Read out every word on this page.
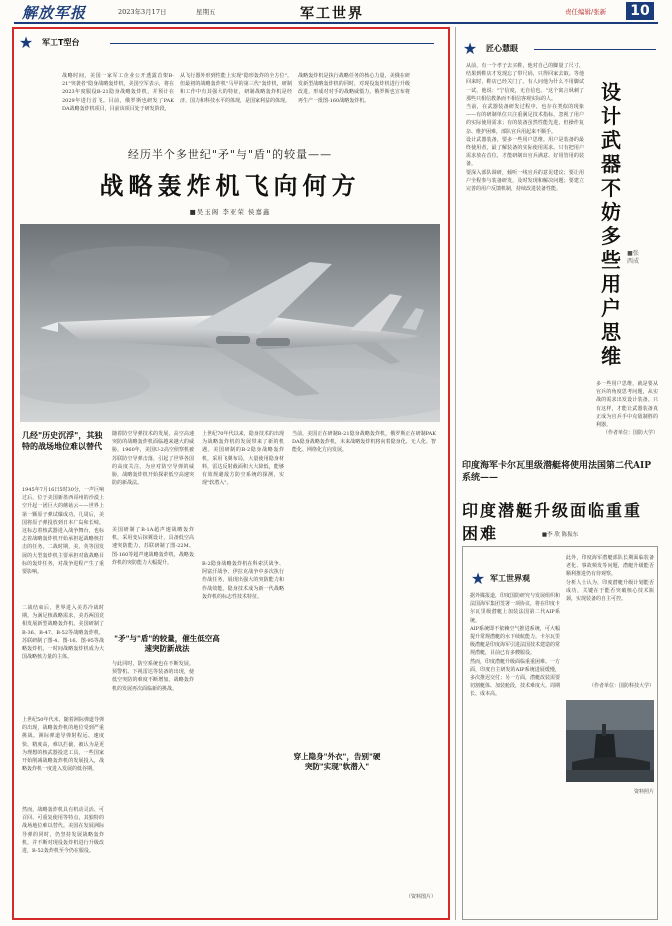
解放军报	2023年3月17日	星期五	军工世界	责任编辑/张新	10
★	军工T型台
战略时间，美国一家军工企业公开透露首架B-21"突袭者"隐身战略轰炸机，美国空军表示，将在2023年度服役B-21隐身战略轰炸机，并预计在2029年进行首飞。目前，俄罗斯也研发了PAK DA战略轰炸机项目，目前该项目处于研发阶段，
从飞行器外形到性能上实现"隐形轰炸的全方位"。但最初的战略轰炸机"马甲的第三代"轰炸机，研制和工作中有其强大的特征，研制战略轰炸机是经济、国力和科技水平的体现，是国家利益的体现。
战略轰炸机是执行战略任务的核心力量，美俄在研发新型战略轰炸机的同时，对现役轰炸机进行升级改进，形成对对手的战略威慑力，俄罗斯也宣布将再生产一批图-160战略轰炸机。
经历半个多世纪"矛"与"盾"的较量——
战略轰炸机飞向何方
■吴玉阁 李亚荣 侯嘉鑫
几经"历史沉浮"，其独特的战场地位难以替代
1945年7月16日5时30分，一声巨响过后，位于美国新墨西哥州的沙漠上空升起一团巨大的蘑菇云——世界上第一颗原子弹试爆成功。几周后，美国将原子弹投放到日本广岛和长崎。这标志着核武器进入战争舞台，也标志着战略轰炸机开始承担起战略核打击的任务。二战时期，美、英等国发展的大型轰炸机主要承担对敌战略目标的轰炸任务，对战争进程产生了重要影响。
二战结束后，世界进入美苏冷战时期。为满足核战略需求，美苏两国竞相发展新型战略轰炸机。美国研制了B-36、B-47、B-52等战略轰炸机，苏联研制了图-4、图-16、图-95等战略轰炸机，一时间战略轰炸机成为大国战略核力量的主体。
上世纪50年代末，随着洲际弹道导弹的出现，战略轰炸机的地位受到严重挑战。洲际弹道导弹射程远、速度快、精度高，难以拦截，被认为是更为理想的核武器投送工具。一些国家开始削减战略轰炸机的发展投入，战略轰炸机一度进入发展的低谷期。
然而，战略轰炸机具有机动灵活、可召回、可重复使用等特点，其独特的战场地位难以替代。美国在发展洲际导弹的同时，仍坚持发展战略轰炸机，并不断对现役轰炸机进行升级改进，B-52轰炸机至今仍在服役。
随着防空导弹技术的发展，高空高速突防的战略轰炸机面临越来越大的威胁。1960年，美国U-2高空侦察机被苏联防空导弹击落，引起了世界各国的高度关注。为应对防空导弹的威胁，战略轰炸机开始探索低空高速突防的新战法。
美国研制了B-1A超声速战略轰炸机，采用变后掠翼设计，具备低空高速突防能力，苏联研制了图-22M、图-160等超声速战略轰炸机，战略轰炸机的突防能力大幅提升。
"矛"与"盾"的较量，催生低空高速突防新战法
与此同时，防空系统也在不断发展。预警机、下视雷达等装备的出现，使低空突防的难度不断增加。战略轰炸机的发展再次面临新的挑战。
上世纪70年代以来，隐身技术的出现为战略轰炸机的发展带来了新的机遇。美国研制的B-2隐身战略轰炸机，采用飞翼布局，大量使用隐身材料，雷达反射截面积大大降低，能够有效规避敌方防空系统的探测，实现"软潜入"。
B-2隐身战略轰炸机在科索沃战争、阿富汗战争、伊拉克战争中多次执行作战任务，展现出强大的突防能力和作战效能。隐身技术成为新一代战略轰炸机的标志性技术特征。
当前，美国正在研制B-21隐身战略轰炸机，俄罗斯正在研制PAK DA隐身战略轰炸机，未来战略轰炸机将向着隐身化、无人化、智能化、网络化方向发展。
穿上隐身"外衣"，告别"硬突防"实现"软潜入"
（资料图片）
★	匠心慧眼

从前，有一个孝子去买鞋，他对自己的脚量了尺寸，结果到鞋店才发现忘了带尺码，只得回家去取。等他回来时，鞋店已经关门了。有人问他为什么不用脚试一试，他说："宁信度，无自信也。"这个寓言讽刺了那些只相信教条而不相信客观实际的人。

当前，在武器装备研发过程中，也存在类似的现象——有的研制单位只注重满足技术指标，忽视了用户的实际使用需求；有的装备虽然性能先进，但操作复杂、维护困难，部队官兵用起来不顺手。

设计武器装备，要多一些用户思维。用户是装备的最终使用者，最了解装备的实际使用需求。只有把用户需求放在首位，才能研制出官兵满意、好用管用的装备。

要深入部队调研，倾听一线官兵的意见建议；要让用户全程参与装备研发，及时发现和解决问题；要建立完善的用户反馈机制，持续改进装备性能。

设计武器不妨多些用户思维
■张西成

多一些用户思维，就是要从官兵的角度思考问题，从实战的需求出发设计装备。只有这样，才能让武器装备真正成为官兵手中克敌制胜的利器。

（作者单位：国防大学）

印度海军卡尔瓦里级潜艇将使用法国第二代AIP系统——
印度潜艇升级面临重重困难	■李 欣 陈振东
★ 军工世界观

据外媒报道，印度国防研究与发展组织和法国海军集团签署一项协议，将在印度卡尔瓦里级潜艇上加装法国第二代AIP系统。

AIP系统即不依赖空气推进系统，可大幅提升常规潜艇的水下续航能力。卡尔瓦里级潜艇是印度海军引进法国技术建造的常规潜艇，目前已有多艘服役。

然而，印度潜艇升级面临重重困难。一方面，印度自主研发的AIP系统进展缓慢，多次推迟交付；另一方面，潜艇改装需要切割艇体、加装舱段，技术难度大、周期长、成本高。

此外，印度海军潜艇部队长期面临装备老化、事故频发等问题，潜艇升级能否顺利推进仍有待观察。

分析人士认为，印度潜艇升级计划能否成功，关键在于能否突破核心技术瓶颈，实现装备的自主可控。

（作者单位：国防科技大学）
资料照片
